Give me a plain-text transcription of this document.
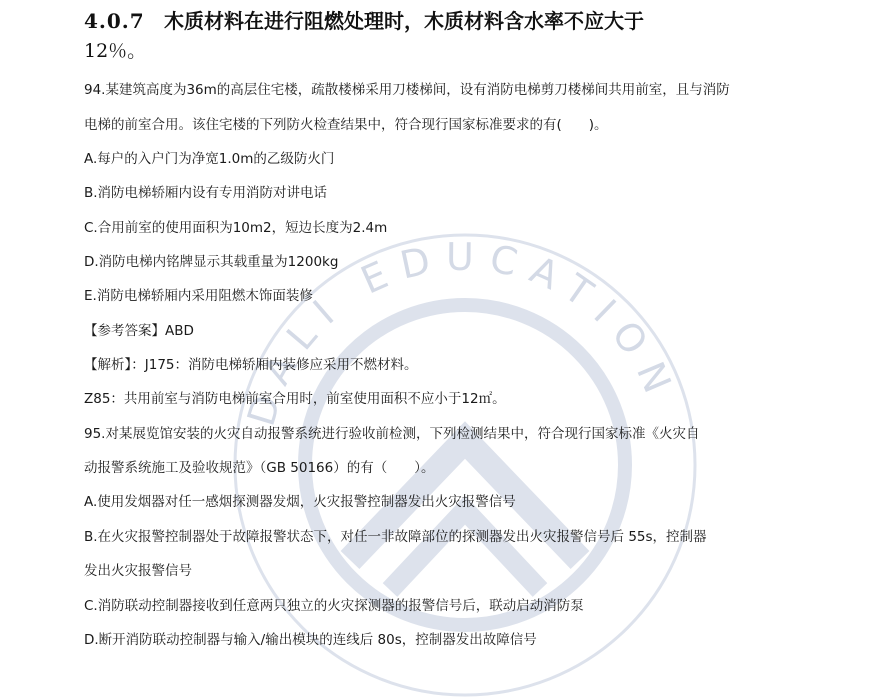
DALI EDUCATION
4.0.7 木质材料在进行阻燃处理时，木质材料含水率不应大于
12％。
94.某建筑高度为36m的高层住宅楼，疏散楼梯采用刀楼梯间，设有消防电梯剪刀楼梯间共用前室，且与消防
电梯的前室合用。该住宅楼的下列防火检查结果中，符合现行国家标准要求的有(　　)。
A.每户的入户门为净宽1.0m的乙级防火门
B.消防电梯轿厢内设有专用消防对讲电话
C.合用前室的使用面积为10m2，短边长度为2.4m
D.消防电梯内铭牌显示其载重量为1200kg
E.消防电梯轿厢内采用阻燃木饰面装修
【参考答案】ABD
【解析】：J175：消防电梯轿厢内装修应采用不燃材料。
Z85：共用前室与消防电梯前室合用时，前室使用面积不应小于12㎡。
95.对某展览馆安装的火灾自动报警系统进行验收前检测，下列检测结果中，符合现行国家标准《火灾自
动报警系统施工及验收规范》（GB 50166）的有（　　）。
A.使用发烟器对任一感烟探测器发烟，火灾报警控制器发出火灾报警信号
B.在火灾报警控制器处于故障报警状态下，对任一非故障部位的探测器发出火灾报警信号后 55s，控制器
发出火灾报警信号
C.消防联动控制器接收到任意两只独立的火灾探测器的报警信号后，联动启动消防泵
D.断开消防联动控制器与输入/输出模块的连线后 80s，控制器发出故障信号
